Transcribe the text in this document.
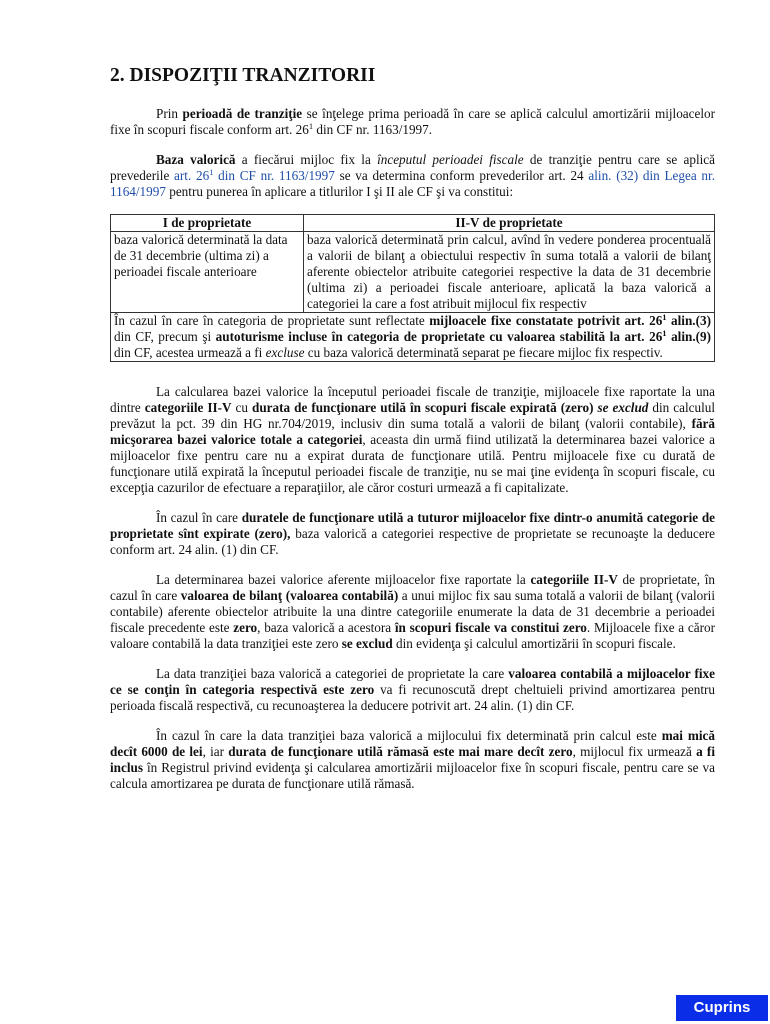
2. DISPOZIŢII TRANZITORII

Prin perioadă de tranziţie se înţelege prima perioadă în care se aplică calculul amortizării mijloacelor fixe în scopuri fiscale conform art. $26^1$ din CF nr. 1163/1997.

Baza valorică a fiecărui mijloc fix la începutul perioadei fiscale de tranziţie pentru care se aplică prevederile art. $26^1$ din CF nr. 1163/1997 se va determina conform prevederilor art. 24 alin. (32) din Legea nr. 1164/1997 pentru punerea în aplicare a titlurilor I şi II ale CF şi va constitui:

I de proprietate	II-V de proprietate
baza valorică determinată la data de 31 decembrie (ultima zi) a perioadei fiscale anterioare	baza valorică determinată prin calcul, avînd în vedere ponderea procentuală a valorii de bilanţ a obiectului respectiv în suma totală a valorii de bilanţ aferente obiectelor atribuite categoriei respective la data de 31 decembrie (ultima zi) a perioadei fiscale anterioare, aplicată la baza valorică a categoriei la care a fost atribuit mijlocul fix respectiv
În cazul în care în categoria de proprietate sunt reflectate mijloacele fixe constatate potrivit art. $26^1$ alin.(3) din CF, precum şi autoturisme incluse în categoria de proprietate cu valoarea stabilită la art. $26^1$ alin.(9) din CF, acestea urmează a fi excluse cu baza valorică determinată separat pe fiecare mijloc fix respectiv.	

La calcularea bazei valorice la începutul perioadei fiscale de tranziţie, mijloacele fixe raportate la una dintre categoriile II-V cu durata de funcţionare utilă în scopuri fiscale expirată (zero) se exclud din calculul prevăzut la pct. 39 din HG nr.704/2019, inclusiv din suma totală a valorii de bilanţ (valorii contabile), fără micşorarea bazei valorice totale a categoriei, aceasta din urmă fiind utilizată la determinarea bazei valorice a mijloacelor fixe pentru care nu a expirat durata de funcţionare utilă. Pentru mijloacele fixe cu durată de funcţionare utilă expirată la începutul perioadei fiscale de tranziţie, nu se mai ţine evidenţa în scopuri fiscale, cu excepţia cazurilor de efectuare a reparaţiilor, ale căror costuri urmează a fi capitalizate.

În cazul în care duratele de funcţionare utilă a tuturor mijloacelor fixe dintr-o anumită categorie de proprietate sînt expirate (zero), baza valorică a categoriei respective de proprietate se recunoaşte la deducere conform art. 24 alin. (1) din CF.

La determinarea bazei valorice aferente mijloacelor fixe raportate la categoriile II-V de proprietate, în cazul în care valoarea de bilanţ (valoarea contabilă) a unui mijloc fix sau suma totală a valorii de bilanţ (valorii contabile) aferente obiectelor atribuite la una dintre categoriile enumerate la data de 31 decembrie a perioadei fiscale precedente este zero, baza valorică a acestora în scopuri fiscale va constitui zero. Mijloacele fixe a căror valoare contabilă la data tranziţiei este zero se exclud din evidenţa şi calculul amortizării în scopuri fiscale.

La data tranziţiei baza valorică a categoriei de proprietate la care valoarea contabilă a mijloacelor fixe ce se conţin în categoria respectivă este zero va fi recunoscută drept cheltuieli privind amortizarea pentru perioada fiscală respectivă, cu recunoaşterea la deducere potrivit art. 24 alin. (1) din CF.

În cazul în care la data tranziţiei baza valorică a mijlocului fix determinată prin calcul este mai mică decît 6000 de lei, iar durata de funcţionare utilă rămasă este mai mare decît zero, mijlocul fix urmează a fi inclus în Registrul privind evidenţa şi calcularea amortizării mijloacelor fixe în scopuri fiscale, pentru care se va calcula amortizarea pe durata de funcţionare utilă rămasă.

Cuprins
